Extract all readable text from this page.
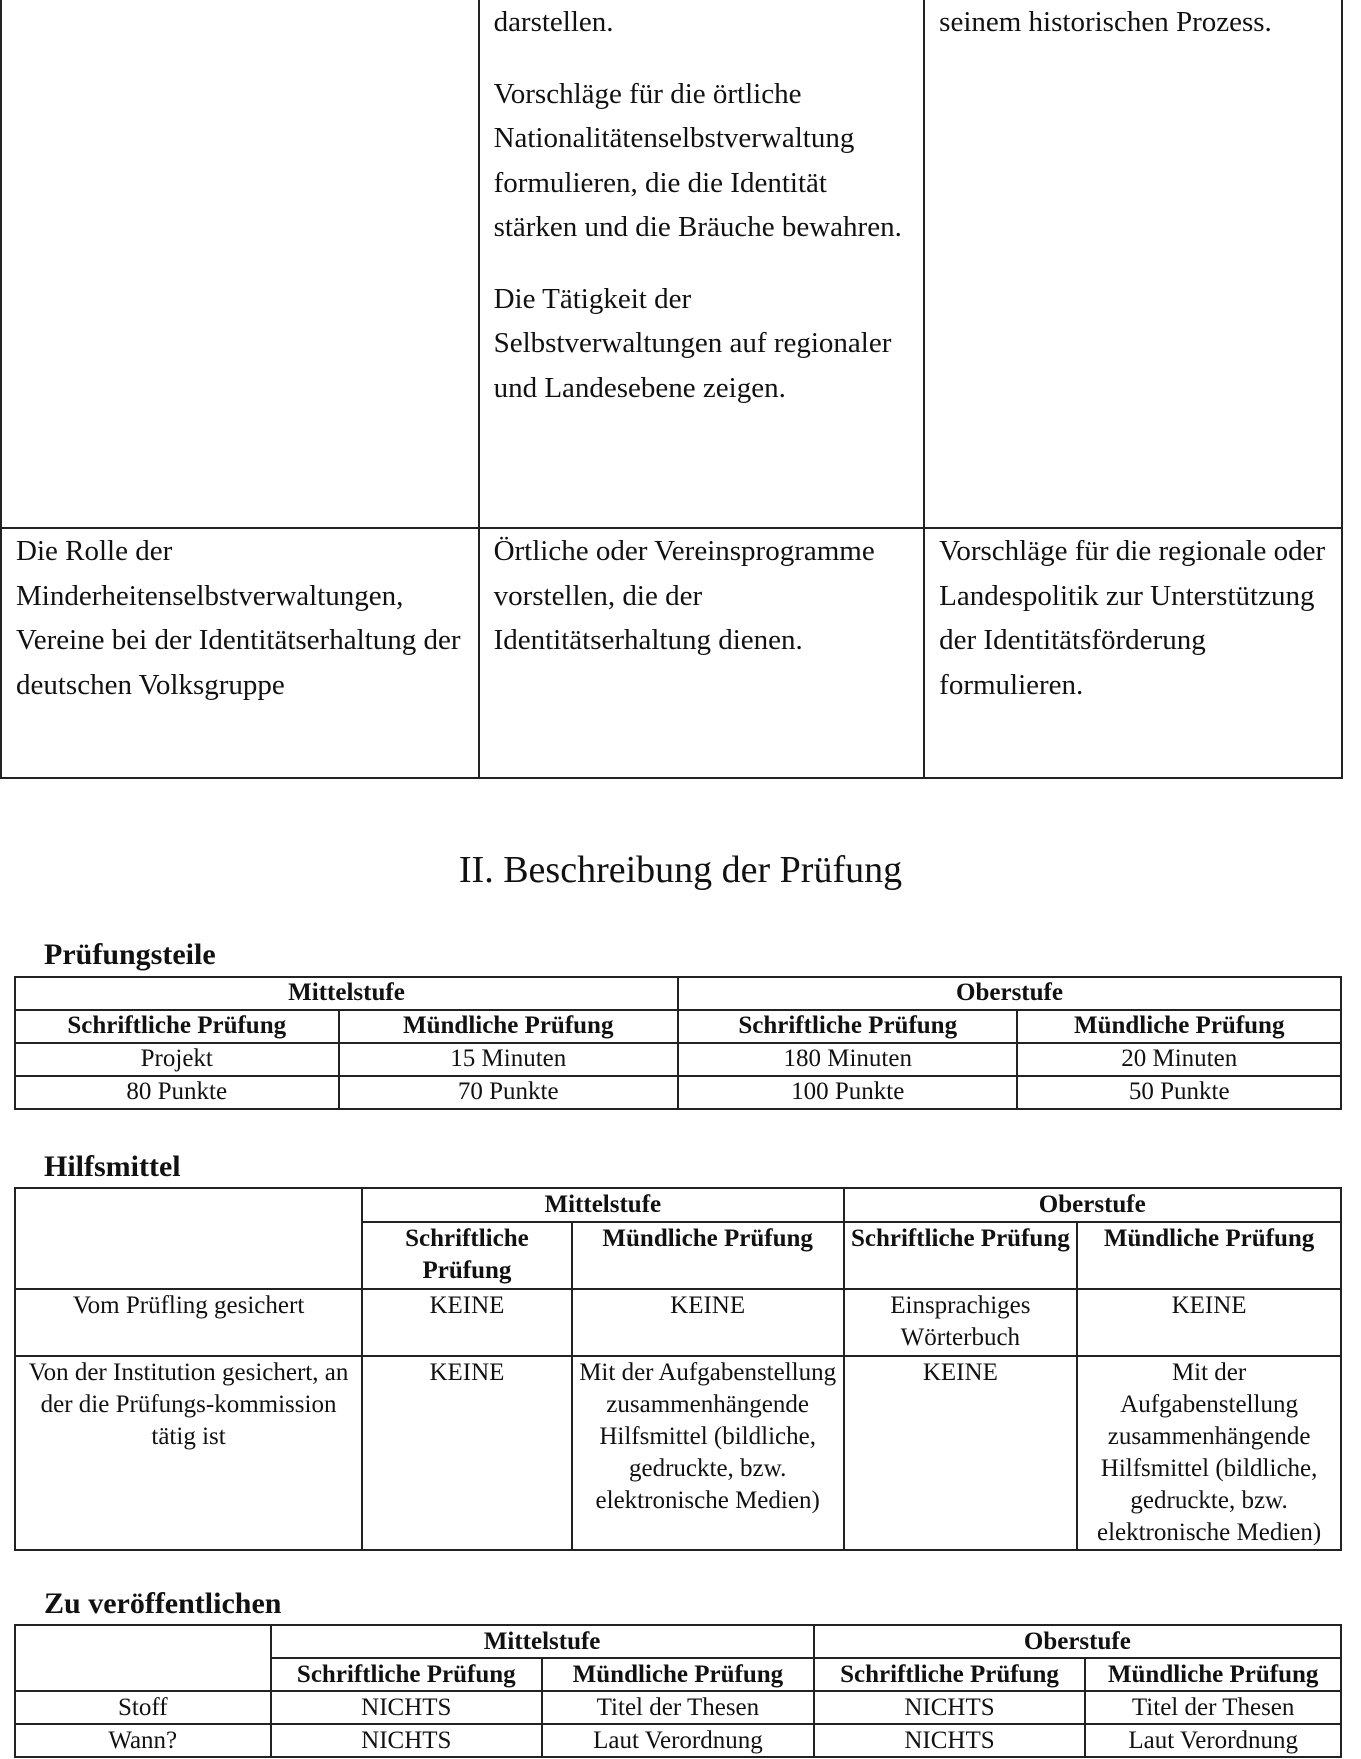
	darstellen.

Vorschläge für die örtliche Nationalitätenselbstverwaltung formulieren, die die Identität stärken und die Bräuche bewahren.

Die Tätigkeit der Selbstverwaltungen auf regionaler und Landesebene zeigen.	seinem historischen Prozess.
Die Rolle der Minderheitenselbstverwaltungen, Vereine bei der Identitätserhaltung der deutschen Volksgruppe	Örtliche oder Vereinsprogramme vorstellen, die der Identitätserhaltung dienen.	Vorschläge für die regionale oder Landespolitik zur Unterstützung der Identitätsförderung formulieren.
II. Beschreibung der Prüfung
Prüfungsteile
Mittelstufe		Oberstufe	
Schriftliche Prüfung	Mündliche Prüfung	Schriftliche Prüfung	Mündliche Prüfung
Projekt	15 Minuten	180 Minuten	20 Minuten
80 Punkte	70 Punkte	100 Punkte	50 Punkte
Hilfsmittel
	Mittelstufe		Oberstufe	
	Schriftliche Prüfung	Mündliche Prüfung	Schriftliche Prüfung	Mündliche Prüfung
Vom Prüfling gesichert	KEINE	KEINE	Einsprachiges Wörterbuch	KEINE
Von der Institution gesichert, an der die Prüfungs-kommission tätig ist	KEINE	Mit der Aufgabenstellung zusammenhängende Hilfsmittel (bildliche, gedruckte, bzw. elektronische Medien)	KEINE	Mit der Aufgabenstellung zusammenhängende Hilfsmittel (bildliche, gedruckte, bzw. elektronische Medien)
Zu veröffentlichen
	Mittelstufe		Oberstufe	
	Schriftliche Prüfung	Mündliche Prüfung	Schriftliche Prüfung	Mündliche Prüfung
Stoff	NICHTS	Titel der Thesen	NICHTS	Titel der Thesen
Wann?	NICHTS	Laut Verordnung	NICHTS	Laut Verordnung
